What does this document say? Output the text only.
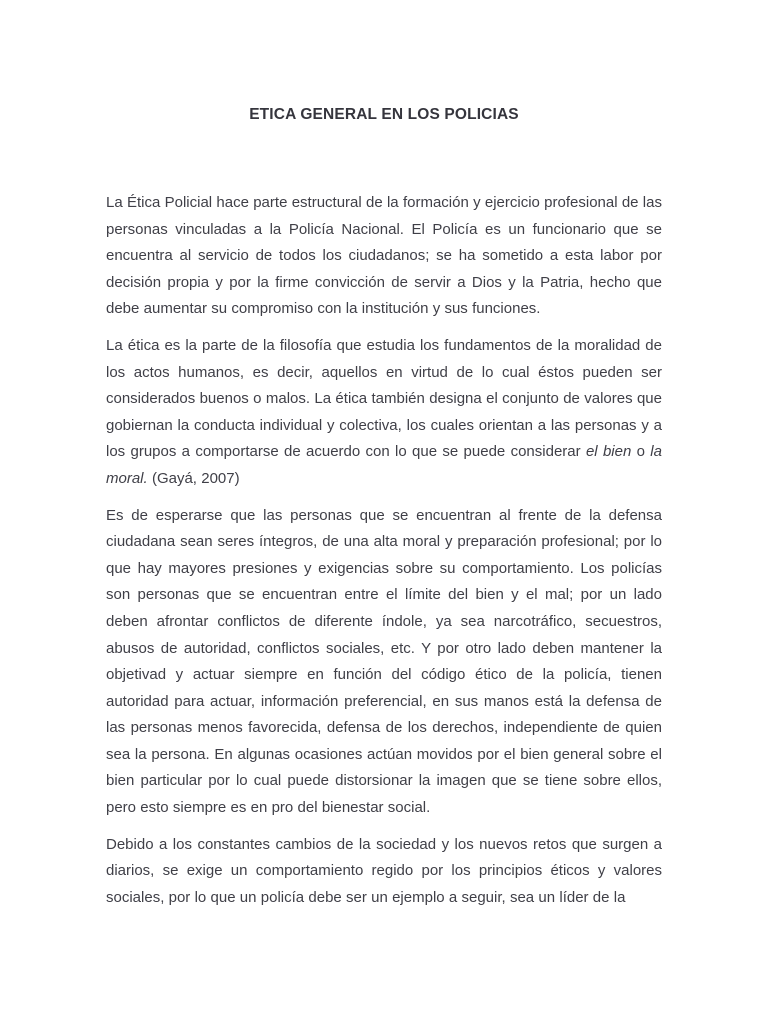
ETICA GENERAL EN LOS POLICIAS

La Ética Policial hace parte estructural de la formación y ejercicio profesional de las personas vinculadas a la Policía Nacional. El Policía es un funcionario que se encuentra al servicio de todos los ciudadanos; se ha sometido a esta labor por decisión propia y por la firme convicción de servir a Dios y la Patria, hecho que debe aumentar su compromiso con la institución y sus funciones.

La ética es la parte de la filosofía que estudia los fundamentos de la moralidad de los actos humanos, es decir, aquellos en virtud de lo cual éstos pueden ser considerados buenos o malos. La ética también designa el conjunto de valores que gobiernan la conducta individual y colectiva, los cuales orientan a las personas y a los grupos a comportarse de acuerdo con lo que se puede considerar el bien o la moral. (Gayá, 2007)

Es de esperarse que las personas que se encuentran al frente de la defensa ciudadana sean seres íntegros, de una alta moral y preparación profesional; por lo que hay mayores presiones y exigencias sobre su comportamiento. Los policías son personas que se encuentran entre el límite del bien y el mal; por un lado deben afrontar conflictos de diferente índole, ya sea narcotráfico, secuestros, abusos de autoridad, conflictos sociales, etc. Y por otro lado deben mantener la objetivad y actuar siempre en función del código ético de la policía, tienen autoridad para actuar, información preferencial, en sus manos está la defensa de las personas menos favorecida, defensa de los derechos, independiente de quien sea la persona. En algunas ocasiones actúan movidos por el bien general sobre el bien particular por lo cual puede distorsionar la imagen que se tiene sobre ellos, pero esto siempre es en pro del bienestar social.

Debido a los constantes cambios de la sociedad y los nuevos retos que surgen a diarios, se exige un comportamiento regido por los principios éticos y valores sociales, por lo que un policía debe ser un ejemplo a seguir, sea un líder de la
